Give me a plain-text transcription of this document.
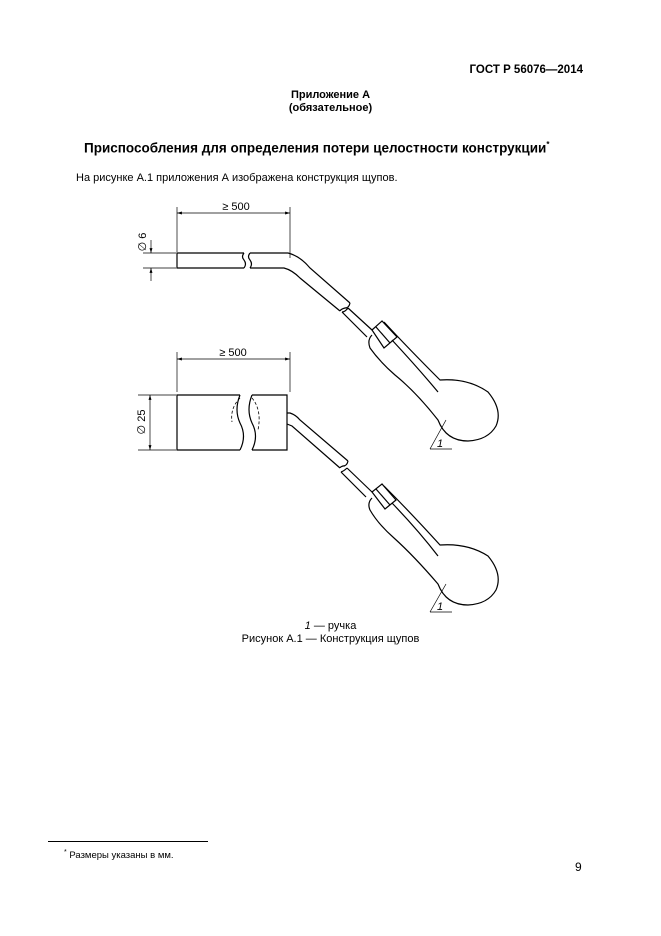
ГОСТ Р 56076—2014
Приложение А
(обязательное)
Приспособления для определения потери целостности конструкции*
На рисунке А.1 приложения А изображена конструкция щупов.
≥ 500
∅ 6
1
≥ 500
∅ 25
1
1 — ручка
Рисунок А.1 — Конструкция щупов
* Размеры указаны в мм.
9
